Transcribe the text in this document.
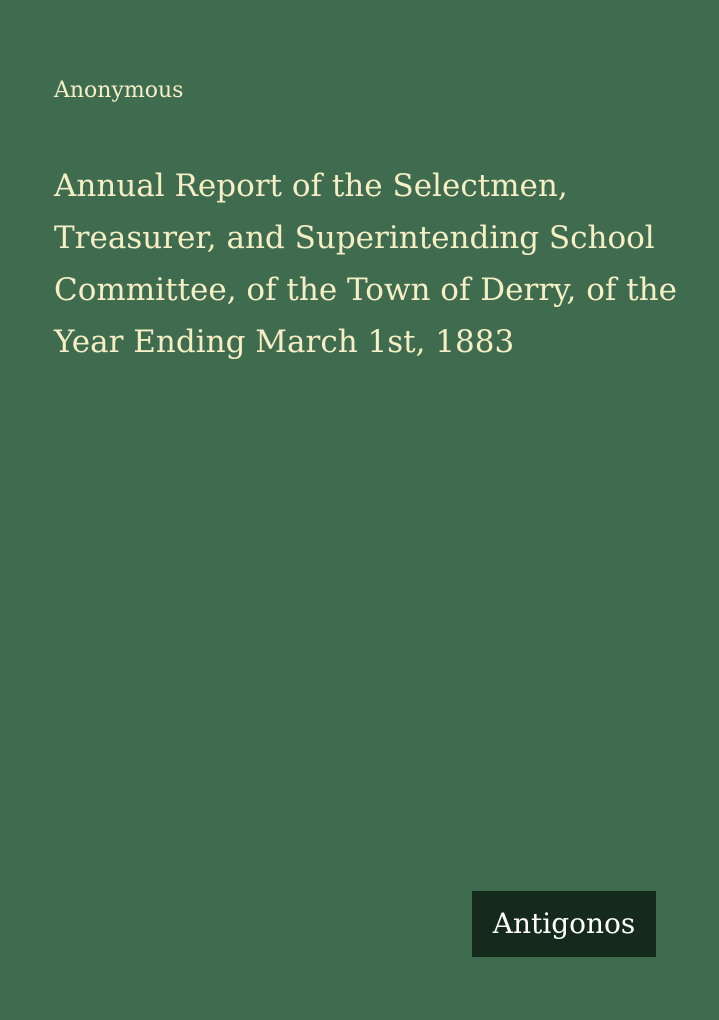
Anonymous
Annual Report of the Selectmen, Treasurer, and Superintending School Committee, of the Town of Derry, of the Year Ending March 1st, 1883
Antigonos
